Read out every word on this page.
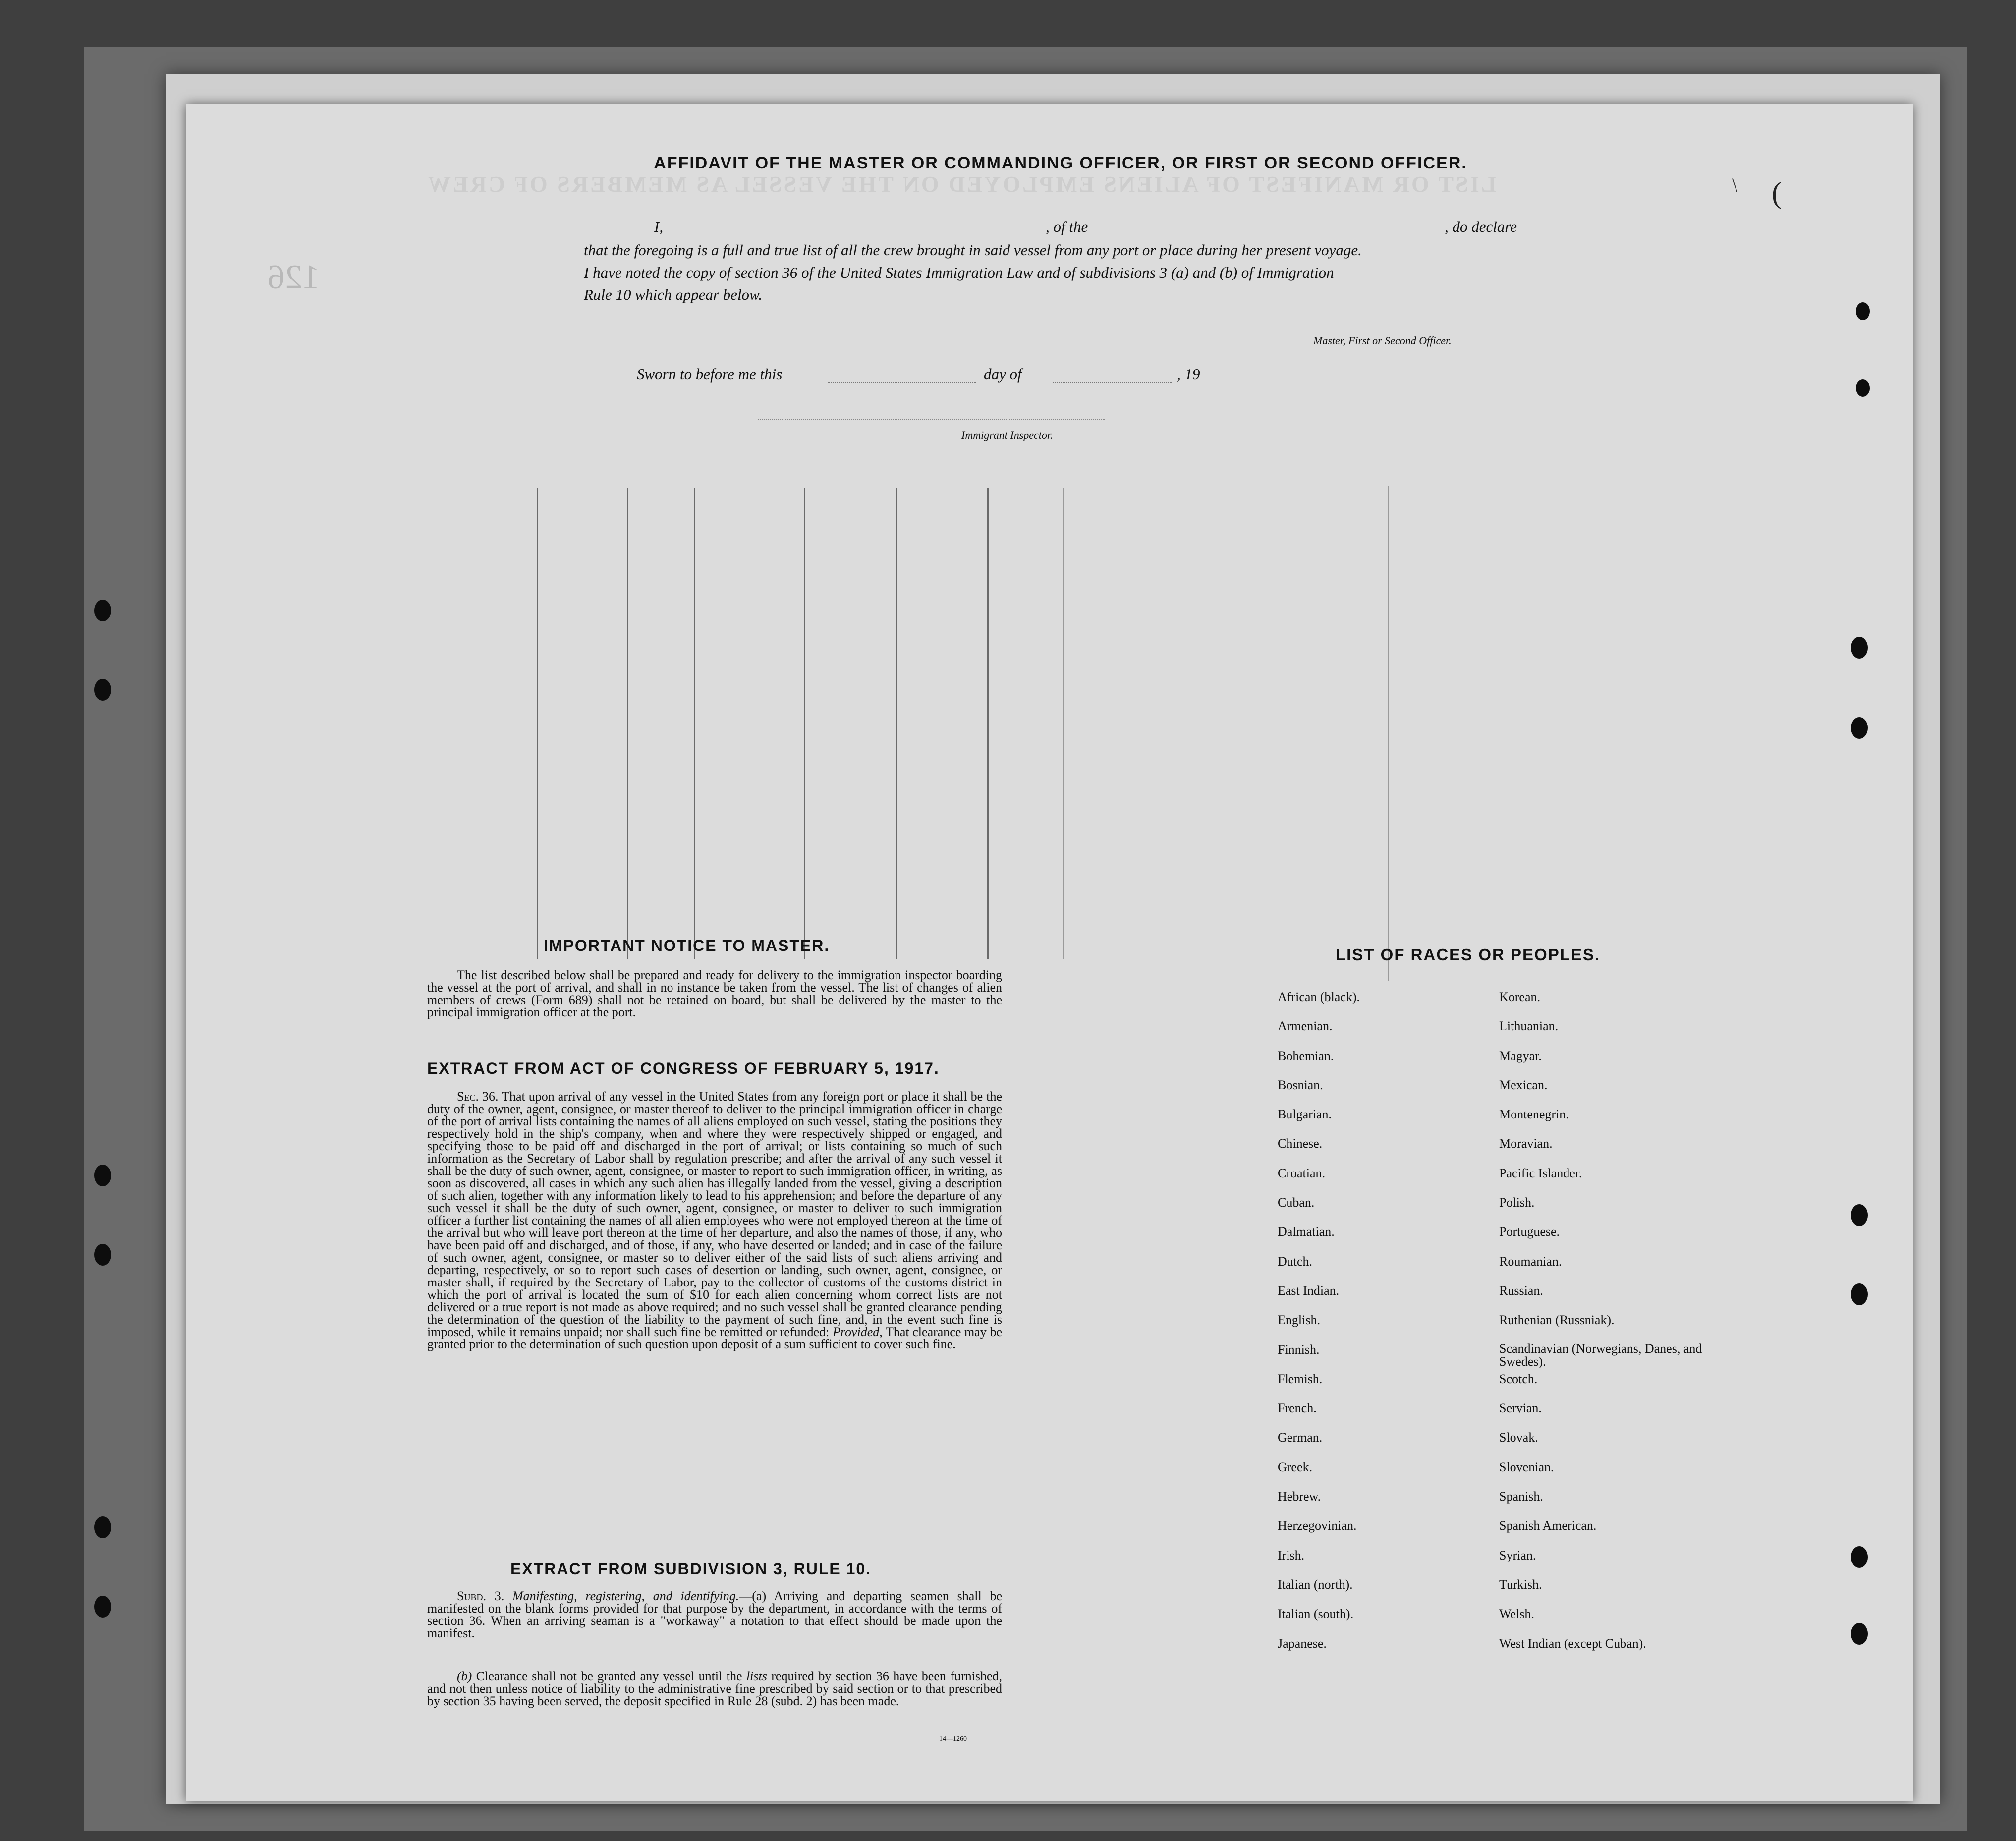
LIST OR MANIFEST OF ALIENS EMPLOYED ON THE VESSEL AS MEMBERS OF CREW
126
AFFIDAVIT OF THE MASTER OR COMMANDING OFFICER, OR FIRST OR SECOND OFFICER.
I,	, of the	, do declare
that the foregoing is a full and true list of all the crew brought in said vessel from any port or place during her present voyage.
I have noted the copy of section 36 of the United States Immigration Law and of subdivisions 3 (a) and (b) of Immigration
Rule 10 which appear below.
Master, First or Second Officer.
Sworn to before me this	day of	, 19
Immigrant Inspector.
IMPORTANT NOTICE TO MASTER.
The list described below shall be prepared and ready for delivery to the immigration inspector boarding the vessel at the port of arrival, and shall in no instance be taken from the vessel. The list of changes of alien members of crews (Form 689) shall not be retained on board, but shall be delivered by the master to the principal immigration officer at the port.
EXTRACT FROM ACT OF CONGRESS OF FEBRUARY 5, 1917.
Sec. 36. That upon arrival of any vessel in the United States from any foreign port or place it shall be the duty of the owner, agent, consignee, or master thereof to deliver to the principal immigration officer in charge of the port of arrival lists containing the names of all aliens employed on such vessel, stating the positions they respectively hold in the ship's company, when and where they were respectively shipped or engaged, and specifying those to be paid off and discharged in the port of arrival; or lists containing so much of such information as the Secretary of Labor shall by regulation prescribe; and after the arrival of any such vessel it shall be the duty of such owner, agent, consignee, or master to report to such immigration officer, in writing, as soon as discovered, all cases in which any such alien has illegally landed from the vessel, giving a description of such alien, together with any information likely to lead to his apprehension; and before the departure of any such vessel it shall be the duty of such owner, agent, consignee, or master to deliver to such immigration officer a further list containing the names of all alien employees who were not employed thereon at the time of the arrival but who will leave port thereon at the time of her departure, and also the names of those, if any, who have been paid off and discharged, and of those, if any, who have deserted or landed; and in case of the failure of such owner, agent, consignee, or master so to deliver either of the said lists of such aliens arriving and departing, respectively, or so to report such cases of desertion or landing, such owner, agent, consignee, or master shall, if required by the Secretary of Labor, pay to the collector of customs of the customs district in which the port of arrival is located the sum of $10 for each alien concerning whom correct lists are not delivered or a true report is not made as above required; and no such vessel shall be granted clearance pending the determination of the question of the liability to the payment of such fine, and, in the event such fine is imposed, while it remains unpaid; nor shall such fine be remitted or refunded: Provided, That clearance may be granted prior to the determination of such question upon deposit of a sum sufficient to cover such fine.
EXTRACT FROM SUBDIVISION 3, RULE 10.
Subd. 3. Manifesting, registering, and identifying.—(a) Arriving and departing seamen shall be manifested on the blank forms provided for that purpose by the department, in accordance with the terms of section 36. When an arriving seaman is a "workaway" a notation to that effect should be made upon the manifest.
(b) Clearance shall not be granted any vessel until the lists required by section 36 have been furnished, and not then unless notice of liability to the administrative fine prescribed by said section or to that prescribed by section 35 having been served, the deposit specified in Rule 28 (subd. 2) has been made.
14—1260
LIST OF RACES OR PEOPLES.
African (black).
Armenian.
Bohemian.
Bosnian.
Bulgarian.
Chinese.
Croatian.
Cuban.
Dalmatian.
Dutch.
East Indian.
English.
Finnish.
Flemish.
French.
German.
Greek.
Hebrew.
Herzegovinian.
Irish.
Italian (north).
Italian (south).
Japanese.
Korean.
Lithuanian.
Magyar.
Mexican.
Montenegrin.
Moravian.
Pacific Islander.
Polish.
Portuguese.
Roumanian.
Russian.
Ruthenian (Russniak).
Scandinavian (Norwegians, Danes, and Swedes).
Scotch.
Servian.
Slovak.
Slovenian.
Spanish.
Spanish American.
Syrian.
Turkish.
Welsh.
West Indian (except Cuban).
(
\
